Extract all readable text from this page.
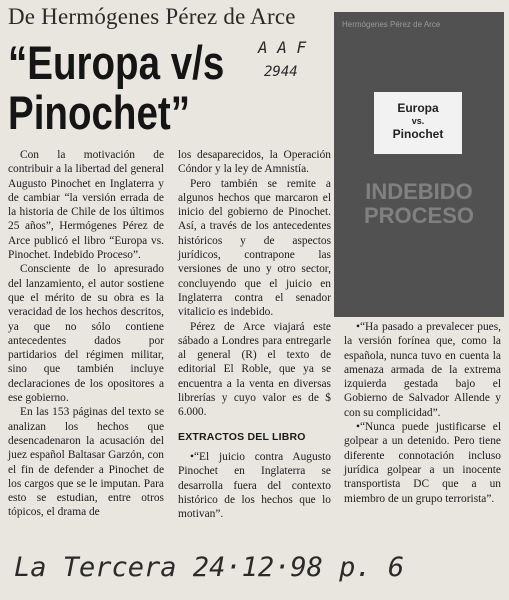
De Hermógenes Pérez de Arce
“Europa v/s
Pinochet”
A A F
2944
Hermógenes Pérez de Arce
Europa
vs.
Pinochet
INDEBIDO
PROCESO

Con la motivación de contribuir a la libertad del general Augusto Pinochet en Inglaterra y de cambiar “la versión errada de la historia de Chile de los últimos 25 años”, Hermógenes Pérez de Arce publicó el libro “Europa vs. Pinochet. Indebido Proceso”.

Consciente de lo apresurado del lanzamiento, el autor sostiene que el mérito de su obra es la veracidad de los hechos descritos, ya que no sólo contiene antecedentes dados por partidarios del régimen militar, sino que también incluye declaraciones de los opositores a ese gobierno.

En las 153 páginas del texto se analizan los hechos que desencadenaron la acusación del juez español Baltasar Garzón, con el fin de defender a Pinochet de los cargos que se le imputan. Para esto se estudian, entre otros tópicos, el drama de

los desaparecidos, la Operación Cóndor y la ley de Amnistía.

Pero también se remite a algunos hechos que marcaron el inicio del gobierno de Pinochet. Así, a través de los antecedentes históricos y de aspectos jurídicos, contrapone las versiones de uno y otro sector, concluyendo que el juicio en Inglaterra contra el senador vitalicio es indebido.

Pérez de Arce viajará este sábado a Londres para entregarle al general (R) el texto de editorial El Roble, que ya se encuentra a la venta en diversas librerías y cuyo valor es de $ 6.000.

EXTRACTOS DEL LIBRO

•“El juicio contra Augusto Pinochet en Inglaterra se desarrolla fuera del contexto histórico de los hechos que lo motivan”.

•“Ha pasado a prevalecer pues, la versión forínea que, como la española, nunca tuvo en cuenta la amenaza armada de la extrema izquierda gestada bajo el Gobierno de Salvador Allende y con su complicidad”.

•“Nunca puede justificarse el golpear a un detenido. Pero tiene diferente connotación incluso jurídica golpear a un inocente transportista DC que a un miembro de un grupo terrorista”.

La Tercera 24·12·98 p. 6
